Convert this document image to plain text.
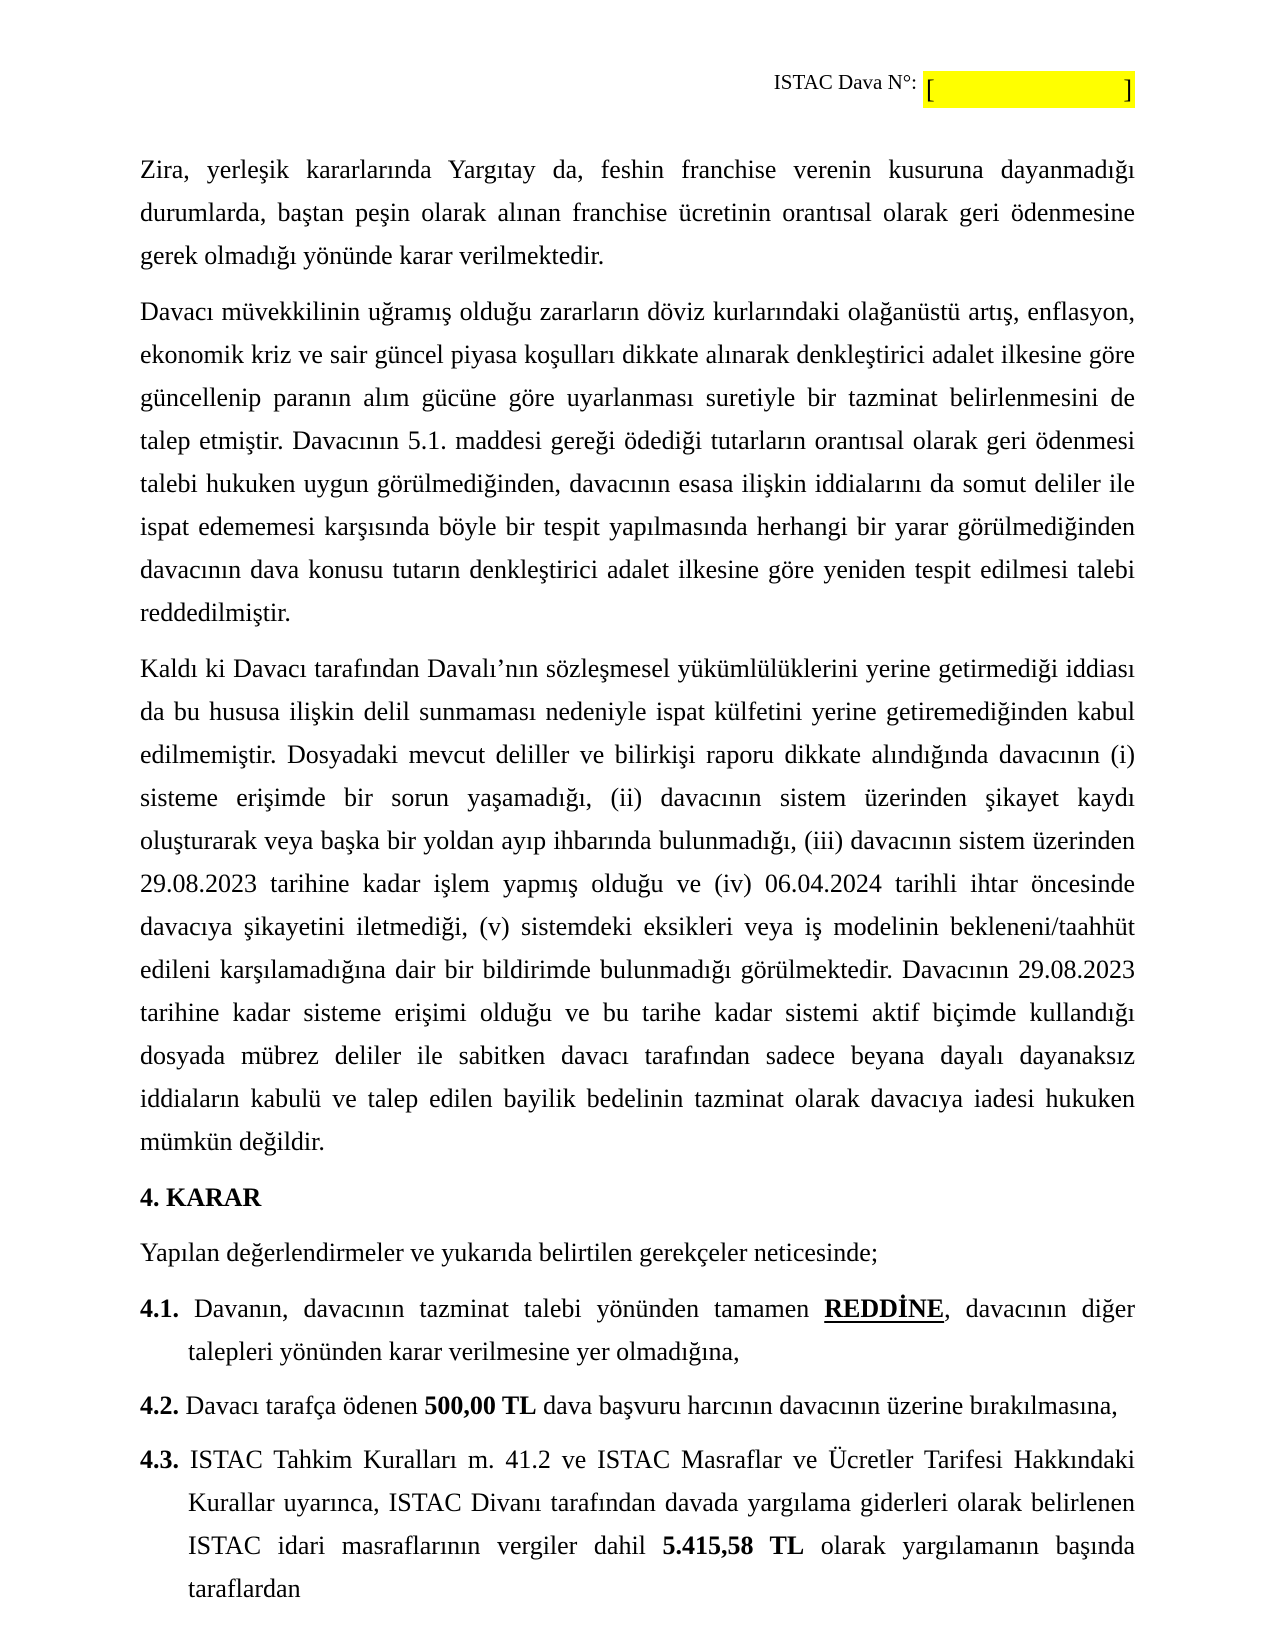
ISTAC Dava N°: [	]

Zira, yerleşik kararlarında Yargıtay da, feshin franchise verenin kusuruna dayanmadığı durumlarda, baştan peşin olarak alınan franchise ücretinin orantısal olarak geri ödenmesine gerek olmadığı yönünde karar verilmektedir.

Davacı müvekkilinin uğramış olduğu zararların döviz kurlarındaki olağanüstü artış, enflasyon, ekonomik kriz ve sair güncel piyasa koşulları dikkate alınarak denkleştirici adalet ilkesine göre güncellenip paranın alım gücüne göre uyarlanması suretiyle bir tazminat belirlenmesini de talep etmiştir. Davacının 5.1. maddesi gereği ödediği tutarların orantısal olarak geri ödenmesi talebi hukuken uygun görülmediğinden, davacının esasa ilişkin iddialarını da somut deliler ile ispat edememesi karşısında böyle bir tespit yapılmasında herhangi bir yarar görülmediğinden davacının dava konusu tutarın denkleştirici adalet ilkesine göre yeniden tespit edilmesi talebi reddedilmiştir.

Kaldı ki Davacı tarafından Davalı’nın sözleşmesel yükümlülüklerini yerine getirmediği iddiası da bu hususa ilişkin delil sunmaması nedeniyle ispat külfetini yerine getiremediğinden kabul edilmemiştir. Dosyadaki mevcut deliller ve bilirkişi raporu dikkate alındığında davacının (i) sisteme erişimde bir sorun yaşamadığı, (ii) davacının sistem üzerinden şikayet kaydı oluşturarak veya başka bir yoldan ayıp ihbarında bulunmadığı, (iii) davacının sistem üzerinden 29.08.2023 tarihine kadar işlem yapmış olduğu ve (iv) 06.04.2024 tarihli ihtar öncesinde davacıya şikayetini iletmediği, (v) sistemdeki eksikleri veya iş modelinin bekleneni/taahhüt edileni karşılamadığına dair bir bildirimde bulunmadığı görülmektedir. Davacının 29.08.2023 tarihine kadar sisteme erişimi olduğu ve bu tarihe kadar sistemi aktif biçimde kullandığı dosyada mübrez deliler ile sabitken davacı tarafından sadece beyana dayalı dayanaksız iddiaların kabulü ve talep edilen bayilik bedelinin tazminat olarak davacıya iadesi hukuken mümkün değildir.

4. KARAR

Yapılan değerlendirmeler ve yukarıda belirtilen gerekçeler neticesinde;

4.1. Davanın, davacının tazminat talebi yönünden tamamen REDDİNE, davacının diğer talepleri yönünden karar verilmesine yer olmadığına,
4.2. Davacı tarafça ödenen 500,00 TL dava başvuru harcının davacının üzerine bırakılmasına,
4.3. ISTAC Tahkim Kuralları m. 41.2 ve ISTAC Masraflar ve Ücretler Tarifesi Hakkındaki Kurallar uyarınca, ISTAC Divanı tarafından davada yargılama giderleri olarak belirlenen ISTAC idari masraflarının vergiler dahil 5.415,58 TL olarak yargılamanın başında taraflardan
